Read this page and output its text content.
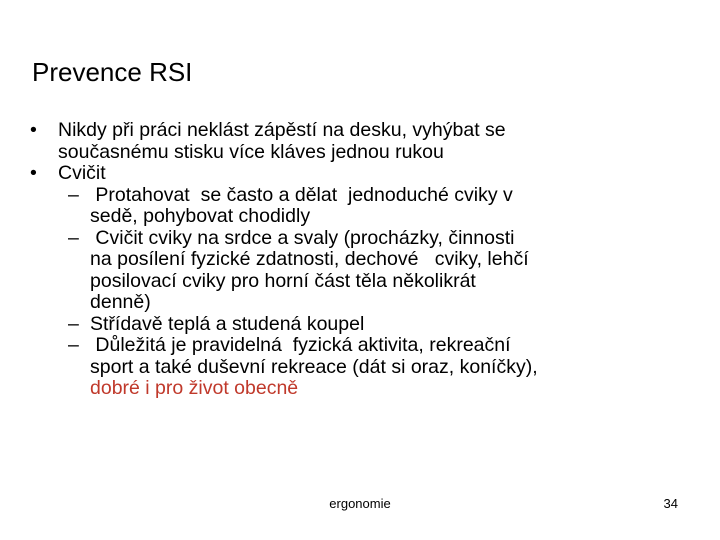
Prevence RSI
• Nikdy při práci neklást zápěstí na desku, vyhýbat se
současnému stisku více kláves jednou rukou
• Cvičit
– Protahovat  se často a dělat  jednoduché cviky v
sedě, pohybovat chodidly
– Cvičit cviky na srdce a svaly (procházky, činnosti
na posílení fyzické zdatnosti, dechové   cviky, lehčí
posilovací cviky pro horní část těla několikrát
denně)
– Střídavě teplá a studená koupel
– Důležitá je pravidelná  fyzická aktivita, rekreační
sport a také duševní rekreace (dát si oraz, koníčky),
dobré i pro život obecně
ergonomie	34
